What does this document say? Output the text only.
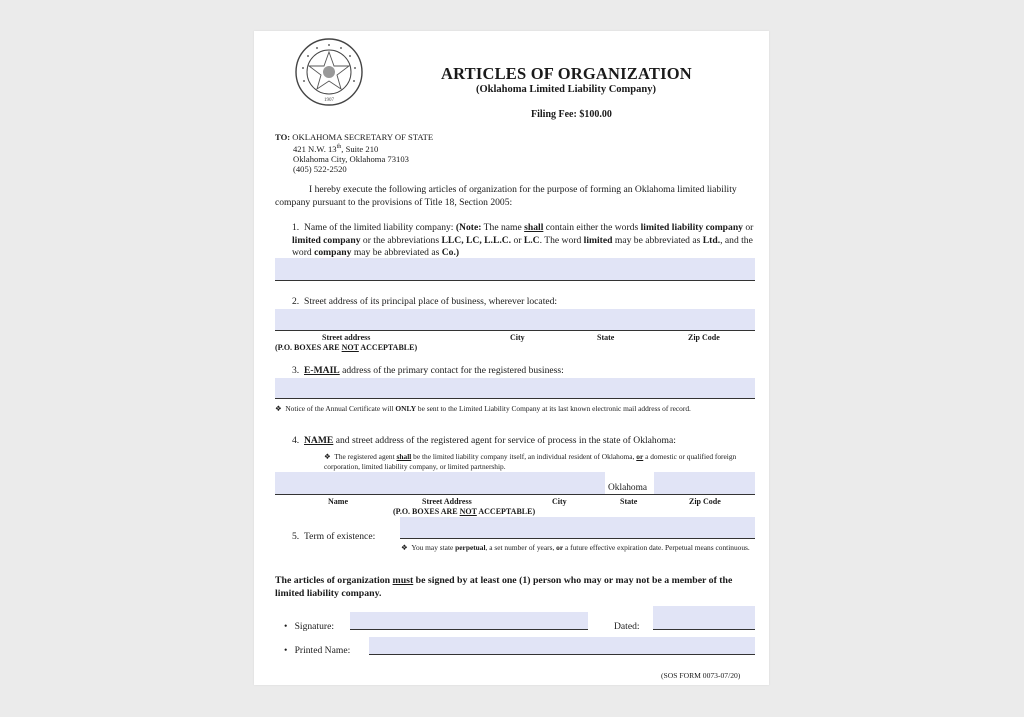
1907
ARTICLES OF ORGANIZATION
(Oklahoma Limited Liability Company)
Filing Fee: $100.00
TO: OKLAHOMA SECRETARY OF STATE
421 N.W. 13th, Suite 210
Oklahoma City, Oklahoma 73103
(405) 522-2520
I hereby execute the following articles of organization for the purpose of forming an Oklahoma limited liability company pursuant to the provisions of Title 18, Section 2005:
1.  Name of the limited liability company: (Note: The name shall contain either the words limited liability company or limited company or the abbreviations LLC, LC, L.L.C. or L.C. The word limited may be abbreviated as Ltd., and the word company may be abbreviated as Co.)
2.  Street address of its principal place of business, wherever located:
Street address	City	State	Zip Code
(P.O. BOXES ARE NOT ACCEPTABLE)
3. E-MAIL address of the primary contact for the registered business:
❖ Notice of the Annual Certificate will ONLY be sent to the Limited Liability Company at its last known electronic mail address of record.
4. NAME and street address of the registered agent for service of process in the state of Oklahoma:
❖ The registered agent shall be the limited liability company itself, an individual resident of Oklahoma, or a domestic or qualified foreign corporation, limited liability company, or limited partnership.
Oklahoma
Name	Street Address	City	State	Zip Code
(P.O. BOXES ARE NOT ACCEPTABLE)
5.  Term of existence:
❖ You may state perpetual, a set number of years, or a future effective expiration date. Perpetual means continuous.
The articles of organization must be signed by at least one (1) person who may or may not be a member of the limited liability company.
• Signature:	Dated:
• Printed Name:
(SOS FORM 0073-07/20)
